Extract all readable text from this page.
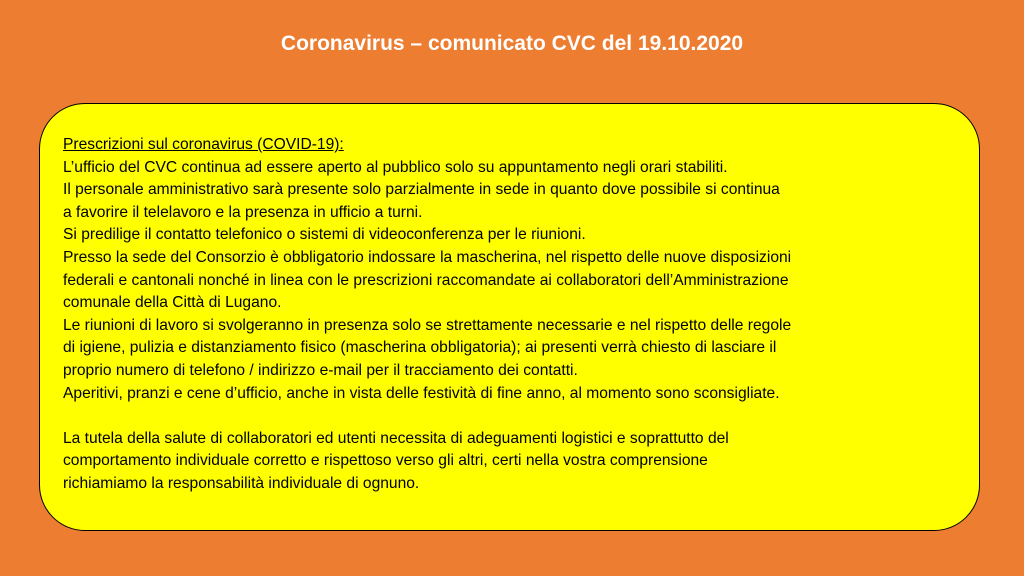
Coronavirus – comunicato CVC del 19.10.2020

Prescrizioni sul coronavirus (COVID-19):

L’ufficio del CVC continua ad essere aperto al pubblico solo su appuntamento negli orari stabiliti.

Il personale amministrativo sarà presente solo parzialmente in sede in quanto dove possibile si continua

a favorire il telelavoro e la presenza in ufficio a turni.

Si predilige il contatto telefonico o sistemi di videoconferenza per le riunioni.

Presso la sede del Consorzio è obbligatorio indossare la mascherina, nel rispetto delle nuove disposizioni

federali e cantonali nonché in linea con le prescrizioni raccomandate ai collaboratori dell’Amministrazione

comunale della Città di Lugano.

Le riunioni di lavoro si svolgeranno in presenza solo se strettamente necessarie e nel rispetto delle regole

di igiene, pulizia e distanziamento fisico (mascherina obbligatoria); ai presenti verrà chiesto di lasciare il

proprio numero di telefono / indirizzo e-mail per il tracciamento dei contatti.

Aperitivi, pranzi e cene d’ufficio, anche in vista delle festività di fine anno, al momento sono sconsigliate.

La tutela della salute di collaboratori ed utenti necessita di adeguamenti logistici e soprattutto del

comportamento individuale corretto e rispettoso verso gli altri, certi nella vostra comprensione

richiamiamo la responsabilità individuale di ognuno.
